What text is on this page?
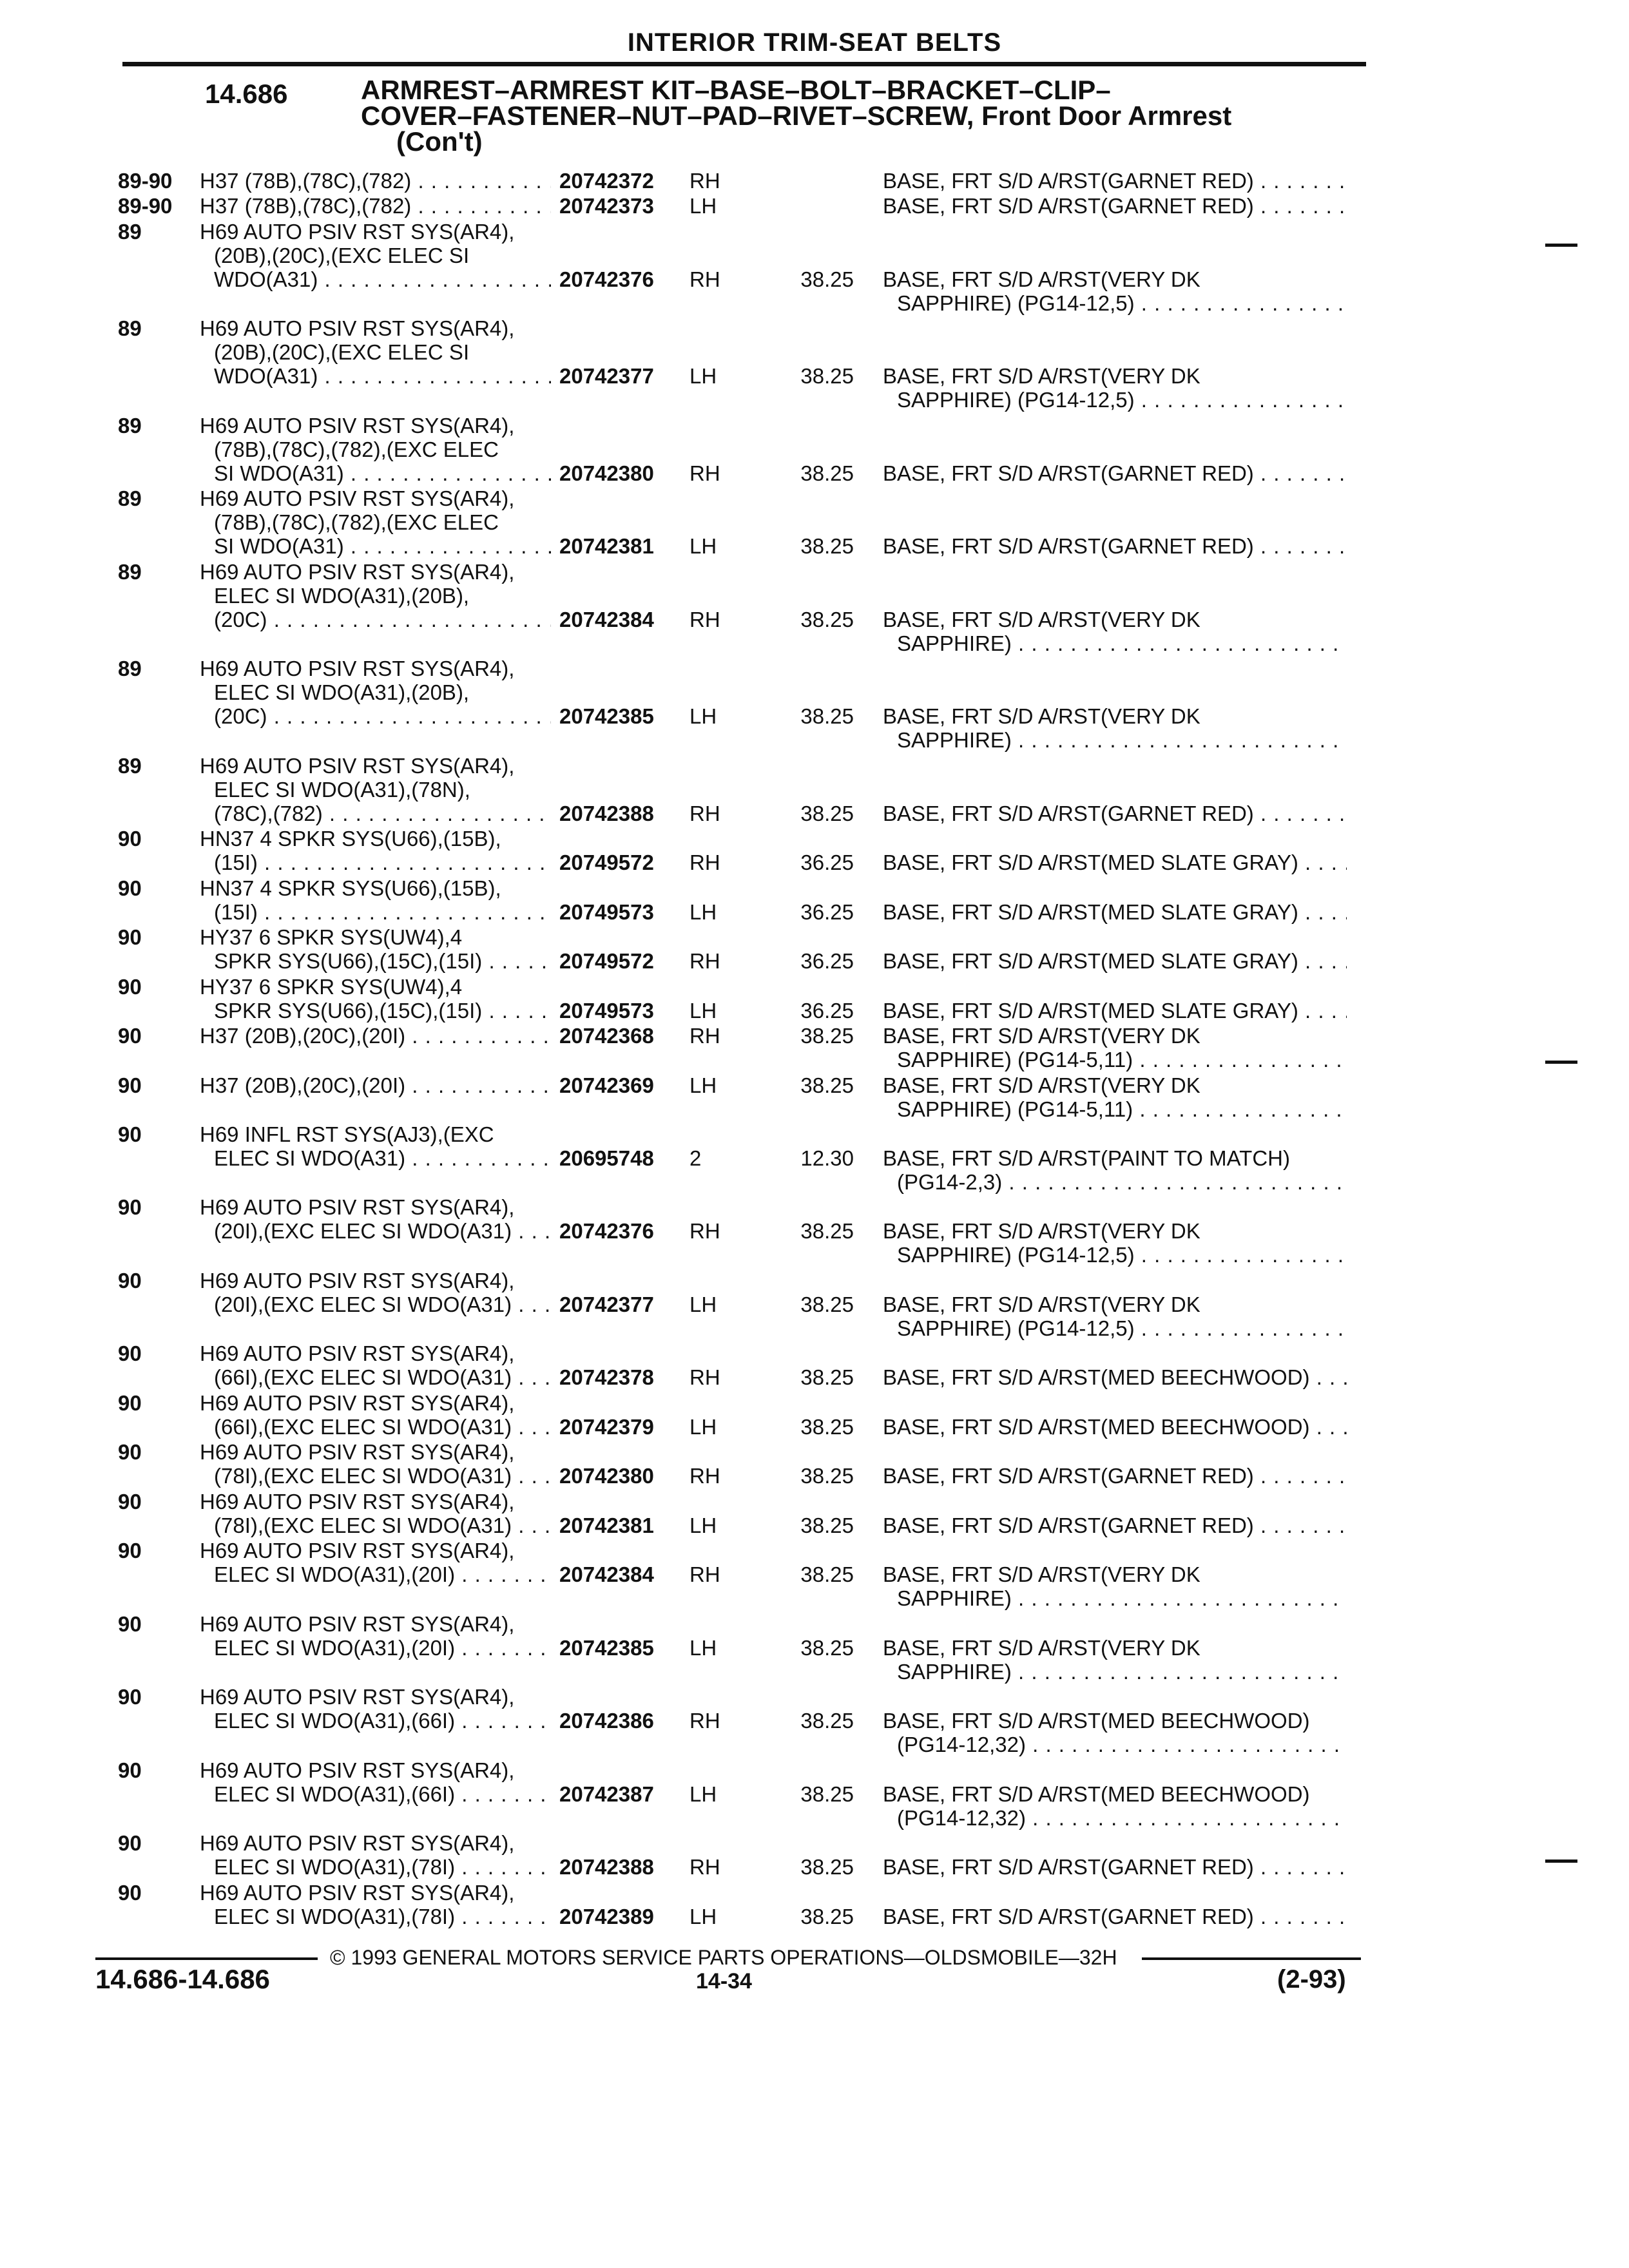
INTERIOR TRIM-SEAT BELTS
14.686	ARMREST–ARMREST KIT–BASE–BOLT–BRACKET–CLIP–
COVER–FASTENER–NUT–PAD–RIVET–SCREW, Front Door Armrest
(Con't)
89-90 H37 (78B),(78C),(782) . . .	20742372 RH	BASE, FRT S/D A/RST(GARNET RED) . . .
89-90 H37 (78B),(78C),(782) . . .	20742373 LH	BASE, FRT S/D A/RST(GARNET RED) . . .
89	H69 AUTO PSIV RST SYS(AR4),
(20B),(20C),(EXC ELEC SI
WDO(A31) . . .	20742376 RH	38.25 BASE, FRT S/D A/RST(VERY DK
SAPPHIRE) (PG14-12,5) . . .
89	H69 AUTO PSIV RST SYS(AR4),
(20B),(20C),(EXC ELEC SI
WDO(A31) . . .	20742377 LH	38.25 BASE, FRT S/D A/RST(VERY DK
SAPPHIRE) (PG14-12,5) . . .
89	H69 AUTO PSIV RST SYS(AR4),
(78B),(78C),(782),(EXC ELEC
SI WDO(A31) . . .	20742380 RH	38.25 BASE, FRT S/D A/RST(GARNET RED) . . .
89	H69 AUTO PSIV RST SYS(AR4),
(78B),(78C),(782),(EXC ELEC
SI WDO(A31) . . .	20742381 LH	38.25 BASE, FRT S/D A/RST(GARNET RED) . . .
89	H69 AUTO PSIV RST SYS(AR4),
ELEC SI WDO(A31),(20B),
(20C) . . .	20742384 RH	38.25 BASE, FRT S/D A/RST(VERY DK
SAPPHIRE) . . .
89	H69 AUTO PSIV RST SYS(AR4),
ELEC SI WDO(A31),(20B),
(20C) . . .	20742385 LH	38.25 BASE, FRT S/D A/RST(VERY DK
SAPPHIRE) . . .
89	H69 AUTO PSIV RST SYS(AR4),
ELEC SI WDO(A31),(78N),
(78C),(782) . . .	20742388 RH	38.25 BASE, FRT S/D A/RST(GARNET RED) . . .
90	HN37 4 SPKR SYS(U66),(15B),
(15I) . . .	20749572 RH	36.25 BASE, FRT S/D A/RST(MED SLATE GRAY) . . .
90	HN37 4 SPKR SYS(U66),(15B),
(15I) . . .	20749573 LH	36.25 BASE, FRT S/D A/RST(MED SLATE GRAY) . . .
90	HY37 6 SPKR SYS(UW4),4
SPKR SYS(U66),(15C),(15I) . . .	20749572 RH	36.25 BASE, FRT S/D A/RST(MED SLATE GRAY) . . .
90	HY37 6 SPKR SYS(UW4),4
SPKR SYS(U66),(15C),(15I) . . .	20749573 LH	36.25 BASE, FRT S/D A/RST(MED SLATE GRAY) . . .
90	H37 (20B),(20C),(20I) . . .	20742368 RH	38.25 BASE, FRT S/D A/RST(VERY DK
SAPPHIRE) (PG14-5,11) . . .
90	H37 (20B),(20C),(20I) . . .	20742369 LH	38.25 BASE, FRT S/D A/RST(VERY DK
SAPPHIRE) (PG14-5,11) . . .
90	H69 INFL RST SYS(AJ3),(EXC
ELEC SI WDO(A31) . . .	20695748 2	12.30 BASE, FRT S/D A/RST(PAINT TO MATCH)
(PG14-2,3) . . .
90	H69 AUTO PSIV RST SYS(AR4),
(20I),(EXC ELEC SI WDO(A31) . . .	20742376 RH	38.25 BASE, FRT S/D A/RST(VERY DK
SAPPHIRE) (PG14-12,5) . . .
90	H69 AUTO PSIV RST SYS(AR4),
(20I),(EXC ELEC SI WDO(A31) . . .	20742377 LH	38.25 BASE, FRT S/D A/RST(VERY DK
SAPPHIRE) (PG14-12,5) . . .
90	H69 AUTO PSIV RST SYS(AR4),
(66I),(EXC ELEC SI WDO(A31) . . .	20742378 RH	38.25 BASE, FRT S/D A/RST(MED BEECHWOOD) . . .
90	H69 AUTO PSIV RST SYS(AR4),
(66I),(EXC ELEC SI WDO(A31) . . .	20742379 LH	38.25 BASE, FRT S/D A/RST(MED BEECHWOOD) . . .
90	H69 AUTO PSIV RST SYS(AR4),
(78I),(EXC ELEC SI WDO(A31) . . .	20742380 RH	38.25 BASE, FRT S/D A/RST(GARNET RED) . . .
90	H69 AUTO PSIV RST SYS(AR4),
(78I),(EXC ELEC SI WDO(A31) . . .	20742381 LH	38.25 BASE, FRT S/D A/RST(GARNET RED) . . .
90	H69 AUTO PSIV RST SYS(AR4),
ELEC SI WDO(A31),(20I) . . .	20742384 RH	38.25 BASE, FRT S/D A/RST(VERY DK
SAPPHIRE) . . .
90	H69 AUTO PSIV RST SYS(AR4),
ELEC SI WDO(A31),(20I) . . .	20742385 LH	38.25 BASE, FRT S/D A/RST(VERY DK
SAPPHIRE) . . .
90	H69 AUTO PSIV RST SYS(AR4),
ELEC SI WDO(A31),(66I) . . .	20742386 RH	38.25 BASE, FRT S/D A/RST(MED BEECHWOOD)
(PG14-12,32) . . .
90	H69 AUTO PSIV RST SYS(AR4),
ELEC SI WDO(A31),(66I) . . .	20742387 LH	38.25 BASE, FRT S/D A/RST(MED BEECHWOOD)
(PG14-12,32) . . .
90	H69 AUTO PSIV RST SYS(AR4),
ELEC SI WDO(A31),(78I) . . .	20742388 RH	38.25 BASE, FRT S/D A/RST(GARNET RED) . . .
90	H69 AUTO PSIV RST SYS(AR4),
ELEC SI WDO(A31),(78I) . . .	20742389 LH	38.25 BASE, FRT S/D A/RST(GARNET RED) . . .
© 1993 GENERAL MOTORS SERVICE PARTS OPERATIONS—OLDSMOBILE—32H
14.686-14.686	14-34	(2-93)
